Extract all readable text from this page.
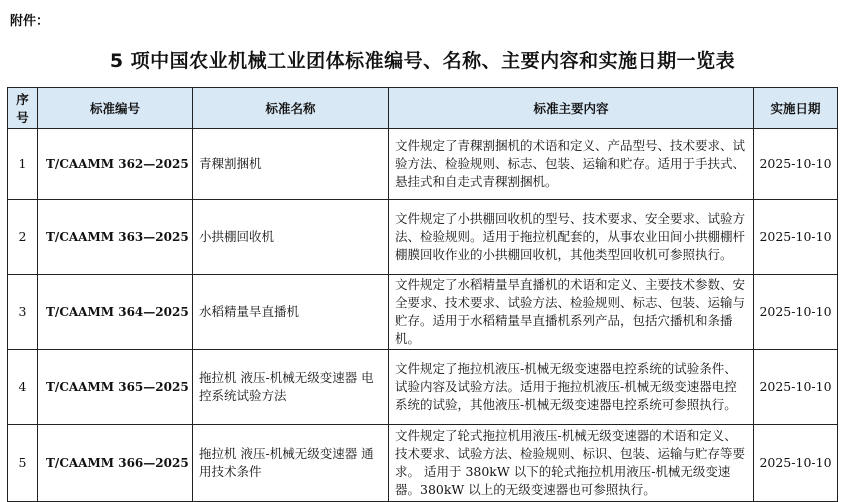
附件：
5 项中国农业机械工业团体标准编号、名称、主要内容和实施日期一览表
序号	标准编号	标准名称	标准主要内容	实施日期
1	T/CAAMM 362—2025	青稞割捆机	文件规定了青稞割捆机的术语和定义、产品型号、技术要求、试验方法、检验规则、标志、包装、运输和贮存。适用于手扶式、悬挂式和自走式青稞割捆机。	2025-10-10
2	T/CAAMM 363—2025	小拱棚回收机	文件规定了小拱棚回收机的型号、技术要求、安全要求、试验方法、检验规则。适用于拖拉机配套的，从事农业田间小拱棚棚杆棚膜回收作业的小拱棚回收机，其他类型回收机可参照执行。	2025-10-10
3	T/CAAMM 364—2025	水稻精量旱直播机	文件规定了水稻精量旱直播机的术语和定义、主要技术参数、安全要求、技术要求、试验方法、检验规则、标志、包装、运输与贮存。适用于水稻精量旱直播机系列产品，包括穴播机和条播机。	2025-10-10
4	T/CAAMM 365—2025	拖拉机 液压-机械无级变速器 电控系统试验方法	文件规定了拖拉机液压-机械无级变速器电控系统的试验条件、试验内容及试验方法。适用于拖拉机液压-机械无级变速器电控系统的试验，其他液压-机械无级变速器电控系统可参照执行。	2025-10-10
5	T/CAAMM 366—2025	拖拉机 液压-机械无级变速器 通用技术条件	文件规定了轮式拖拉机用液压-机械无级变速器的术语和定义、技术要求、试验方法、检验规则、标识、包装、运输与贮存等要求。 适用于 380kW 以下的轮式拖拉机用液压-机械无级变速器。380kW 以上的无级变速器也可参照执行。	2025-10-10
